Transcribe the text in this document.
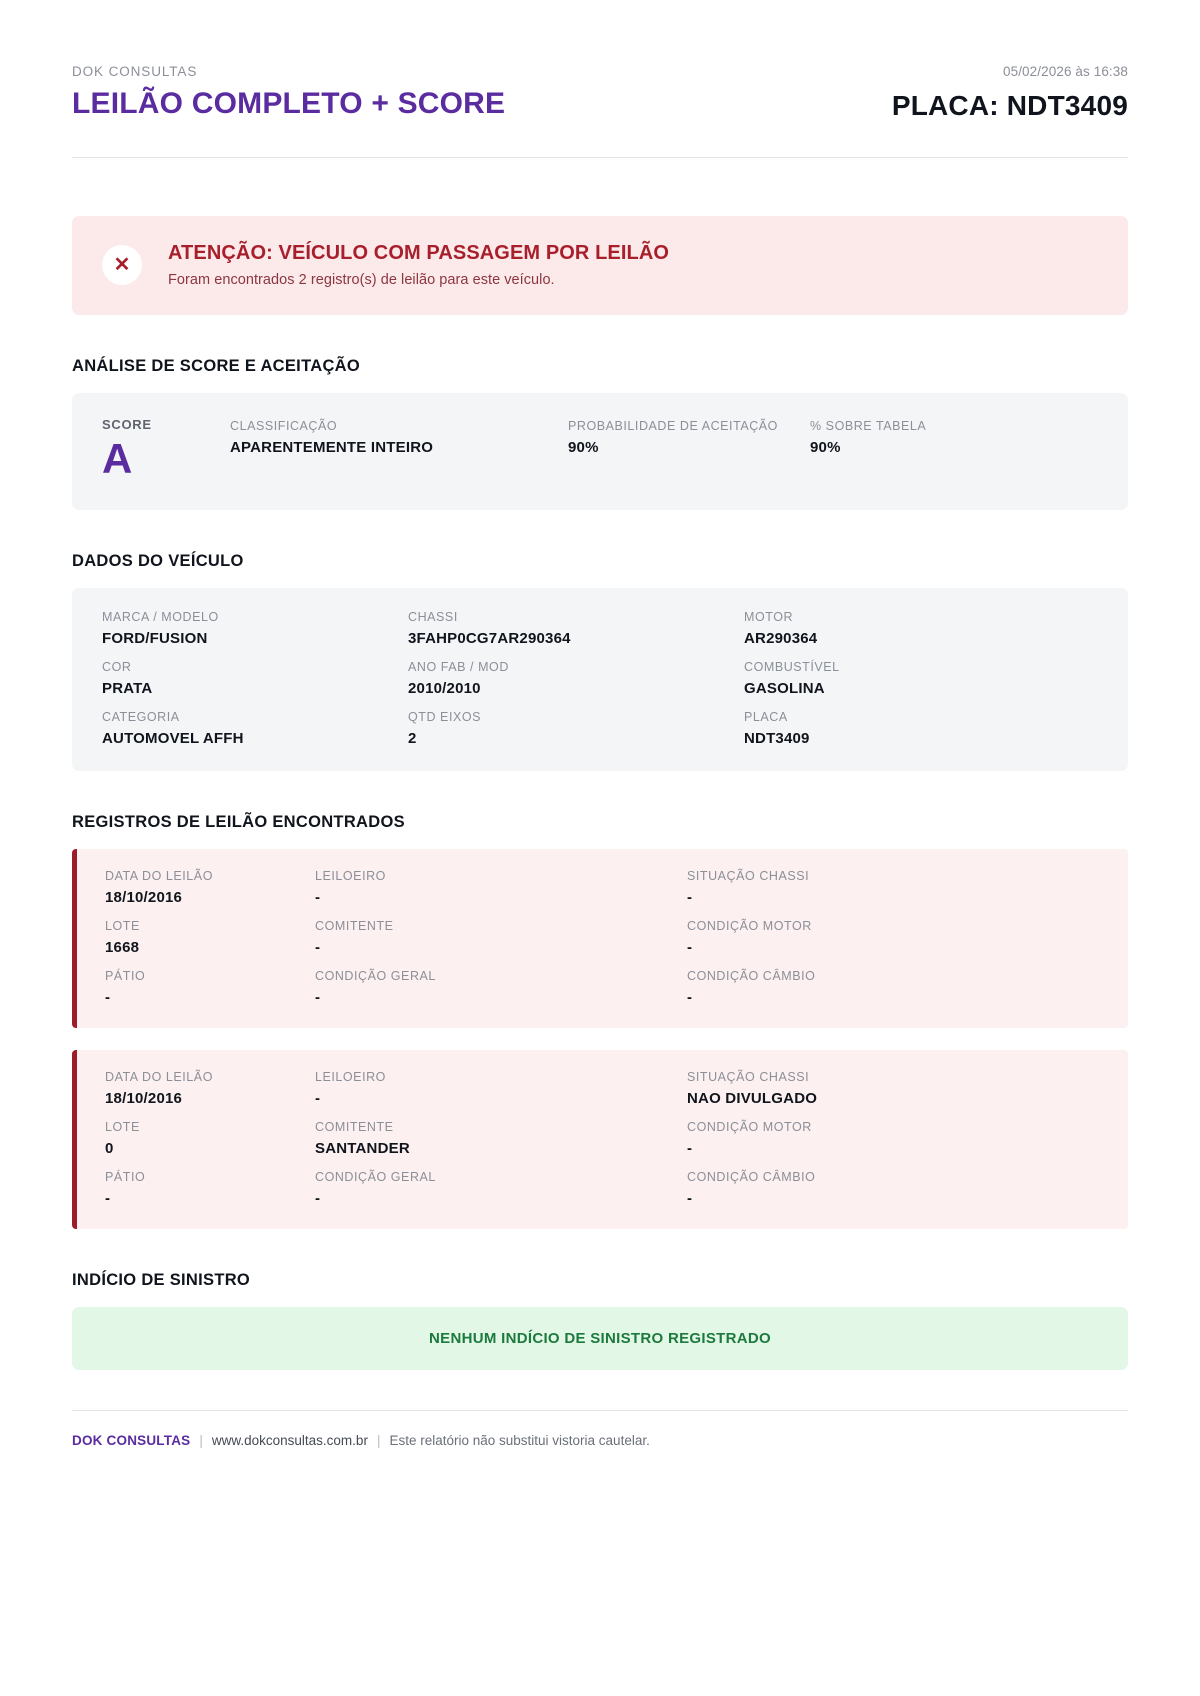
DOK CONSULTAS
LEILÃO COMPLETO + SCORE
05/02/2026 às 16:38
PLACA: NDT3409
✕
ATENÇÃO: VEÍCULO COM PASSAGEM POR LEILÃO
Foram encontrados 2 registro(s) de leilão para este veículo.
ANÁLISE DE SCORE E ACEITAÇÃO
SCORE
A
CLASSIFICAÇÃO
APARENTEMENTE INTEIRO
PROBABILIDADE DE ACEITAÇÃO
90%
% SOBRE TABELA
90%
DADOS DO VEÍCULO
MARCA / MODELO
FORD/FUSION
CHASSI
3FAHP0CG7AR290364
MOTOR
AR290364
COR
PRATA
ANO FAB / MOD
2010/2010
COMBUSTÍVEL
GASOLINA
CATEGORIA
AUTOMOVEL AFFH
QTD EIXOS
2
PLACA
NDT3409
REGISTROS DE LEILÃO ENCONTRADOS
DATA DO LEILÃO
18/10/2016
LEILOEIRO
-
SITUAÇÃO CHASSI
-
LOTE
1668
COMITENTE
-
CONDIÇÃO MOTOR
-
PÁTIO
-
CONDIÇÃO GERAL
-
CONDIÇÃO CÂMBIO
-
DATA DO LEILÃO
18/10/2016
LEILOEIRO
-
SITUAÇÃO CHASSI
NAO DIVULGADO
LOTE
0
COMITENTE
SANTANDER
CONDIÇÃO MOTOR
-
PÁTIO
-
CONDIÇÃO GERAL
-
CONDIÇÃO CÂMBIO
-
INDÍCIO DE SINISTRO
NENHUM INDÍCIO DE SINISTRO REGISTRADO
DOK CONSULTAS | www.dokconsultas.com.br | Este relatório não substitui vistoria cautelar.
